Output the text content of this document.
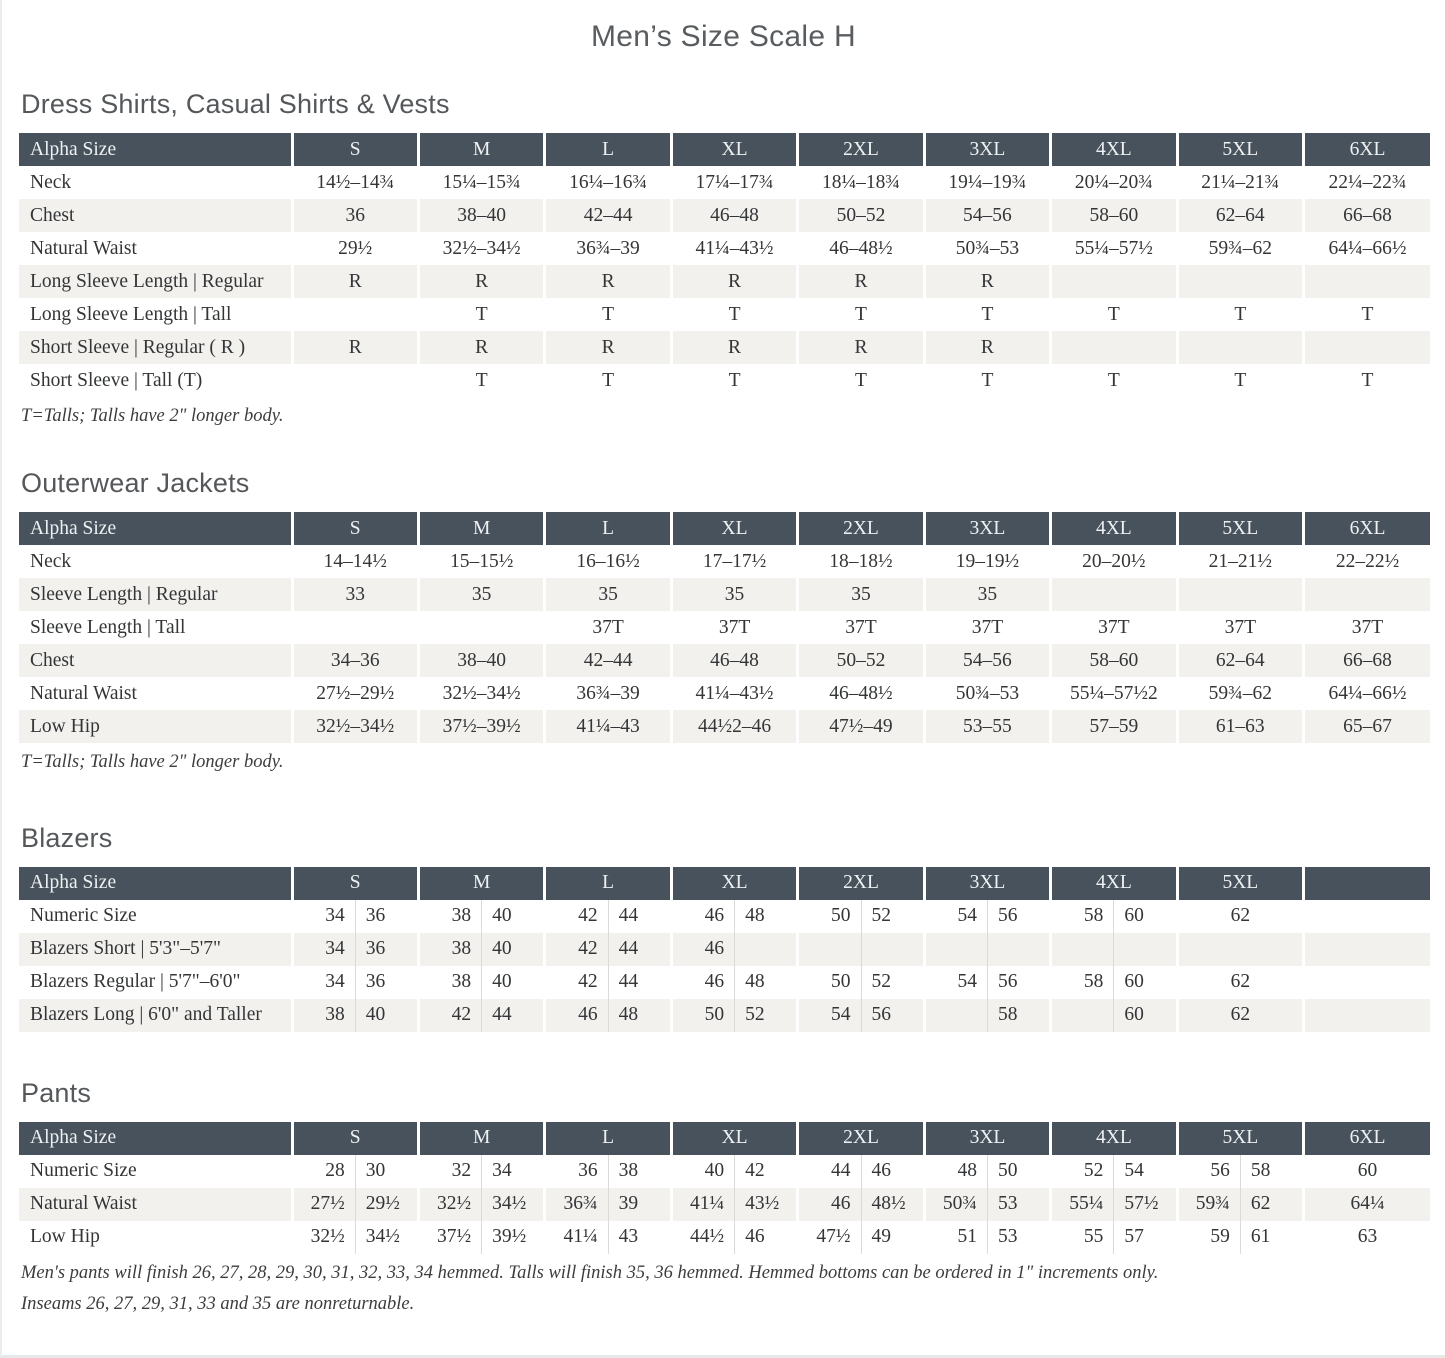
Men’s Size Scale H
Dress Shirts, Casual Shirts & Vests
Alpha Size	S	M	L	XL	2XL	3XL	4XL	5XL	6XL
Neck	14½–14¾	15¼–15¾	16¼–16¾	17¼–17¾	18¼–18¾	19¼–19¾	20¼–20¾	21¼–21¾	22¼–22¾
Chest	36	38–40	42–44	46–48	50–52	54–56	58–60	62–64	66–68
Natural Waist	29½	32½–34½	36¾–39	41¼–43½	46–48½	50¾–53	55¼–57½	59¾–62	64¼–66½
Long Sleeve Length | Regular	R	R	R	R	R	R			
Long Sleeve Length | Tall		T	T	T	T	T	T	T	T
Short Sleeve | Regular ( R )	R	R	R	R	R	R			
Short Sleeve | Tall (T)		T	T	T	T	T	T	T	T

T=Talls; Talls have 2" longer body.

Outerwear Jackets
Alpha Size	S	M	L	XL	2XL	3XL	4XL	5XL	6XL
Neck	14–14½	15–15½	16–16½	17–17½	18–18½	19–19½	20–20½	21–21½	22–22½
Sleeve Length | Regular	33	35	35	35	35	35			
Sleeve Length | Tall			37T	37T	37T	37T	37T	37T	37T
Chest	34–36	38–40	42–44	46–48	50–52	54–56	58–60	62–64	66–68
Natural Waist	27½–29½	32½–34½	36¾–39	41¼–43½	46–48½	50¾–53	55¼–57½2	59¾–62	64¼–66½
Low Hip	32½–34½	37½–39½	41¼–43	44½2–46	47½–49	53–55	57–59	61–63	65–67

T=Talls; Talls have 2" longer body.

Blazers
Alpha Size	S		M		L		XL		2XL		3XL		4XL		5XL	
Numeric Size	34	36	38	40	42	44	46	48	50	52	54	56	58	60	62	
Blazers Short | 5'3"–5'7"	34	36	38	40	42	44	46									
Blazers Regular | 5'7"–6'0"	34	36	38	40	42	44	46	48	50	52	54	56	58	60	62	
Blazers Long | 6'0" and Taller	38	40	42	44	46	48	50	52	54	56		58		60	62	
Pants
Alpha Size	S		M		L		XL		2XL		3XL		4XL		5XL		6XL
Numeric Size	28	30	32	34	36	38	40	42	44	46	48	50	52	54	56	58	60
Natural Waist	27½	29½	32½	34½	36¾	39	41¼	43½	46	48½	50¾	53	55¼	57½	59¾	62	64¼
Low Hip	32½	34½	37½	39½	41¼	43	44½	46	47½	49	51	53	55	57	59	61	63

Men's pants will finish 26, 27, 28, 29, 30, 31, 32, 33, 34 hemmed. Talls will finish 35, 36 hemmed. Hemmed bottoms can be ordered in 1" increments only.

Inseams 26, 27, 29, 31, 33 and 35 are nonreturnable.
